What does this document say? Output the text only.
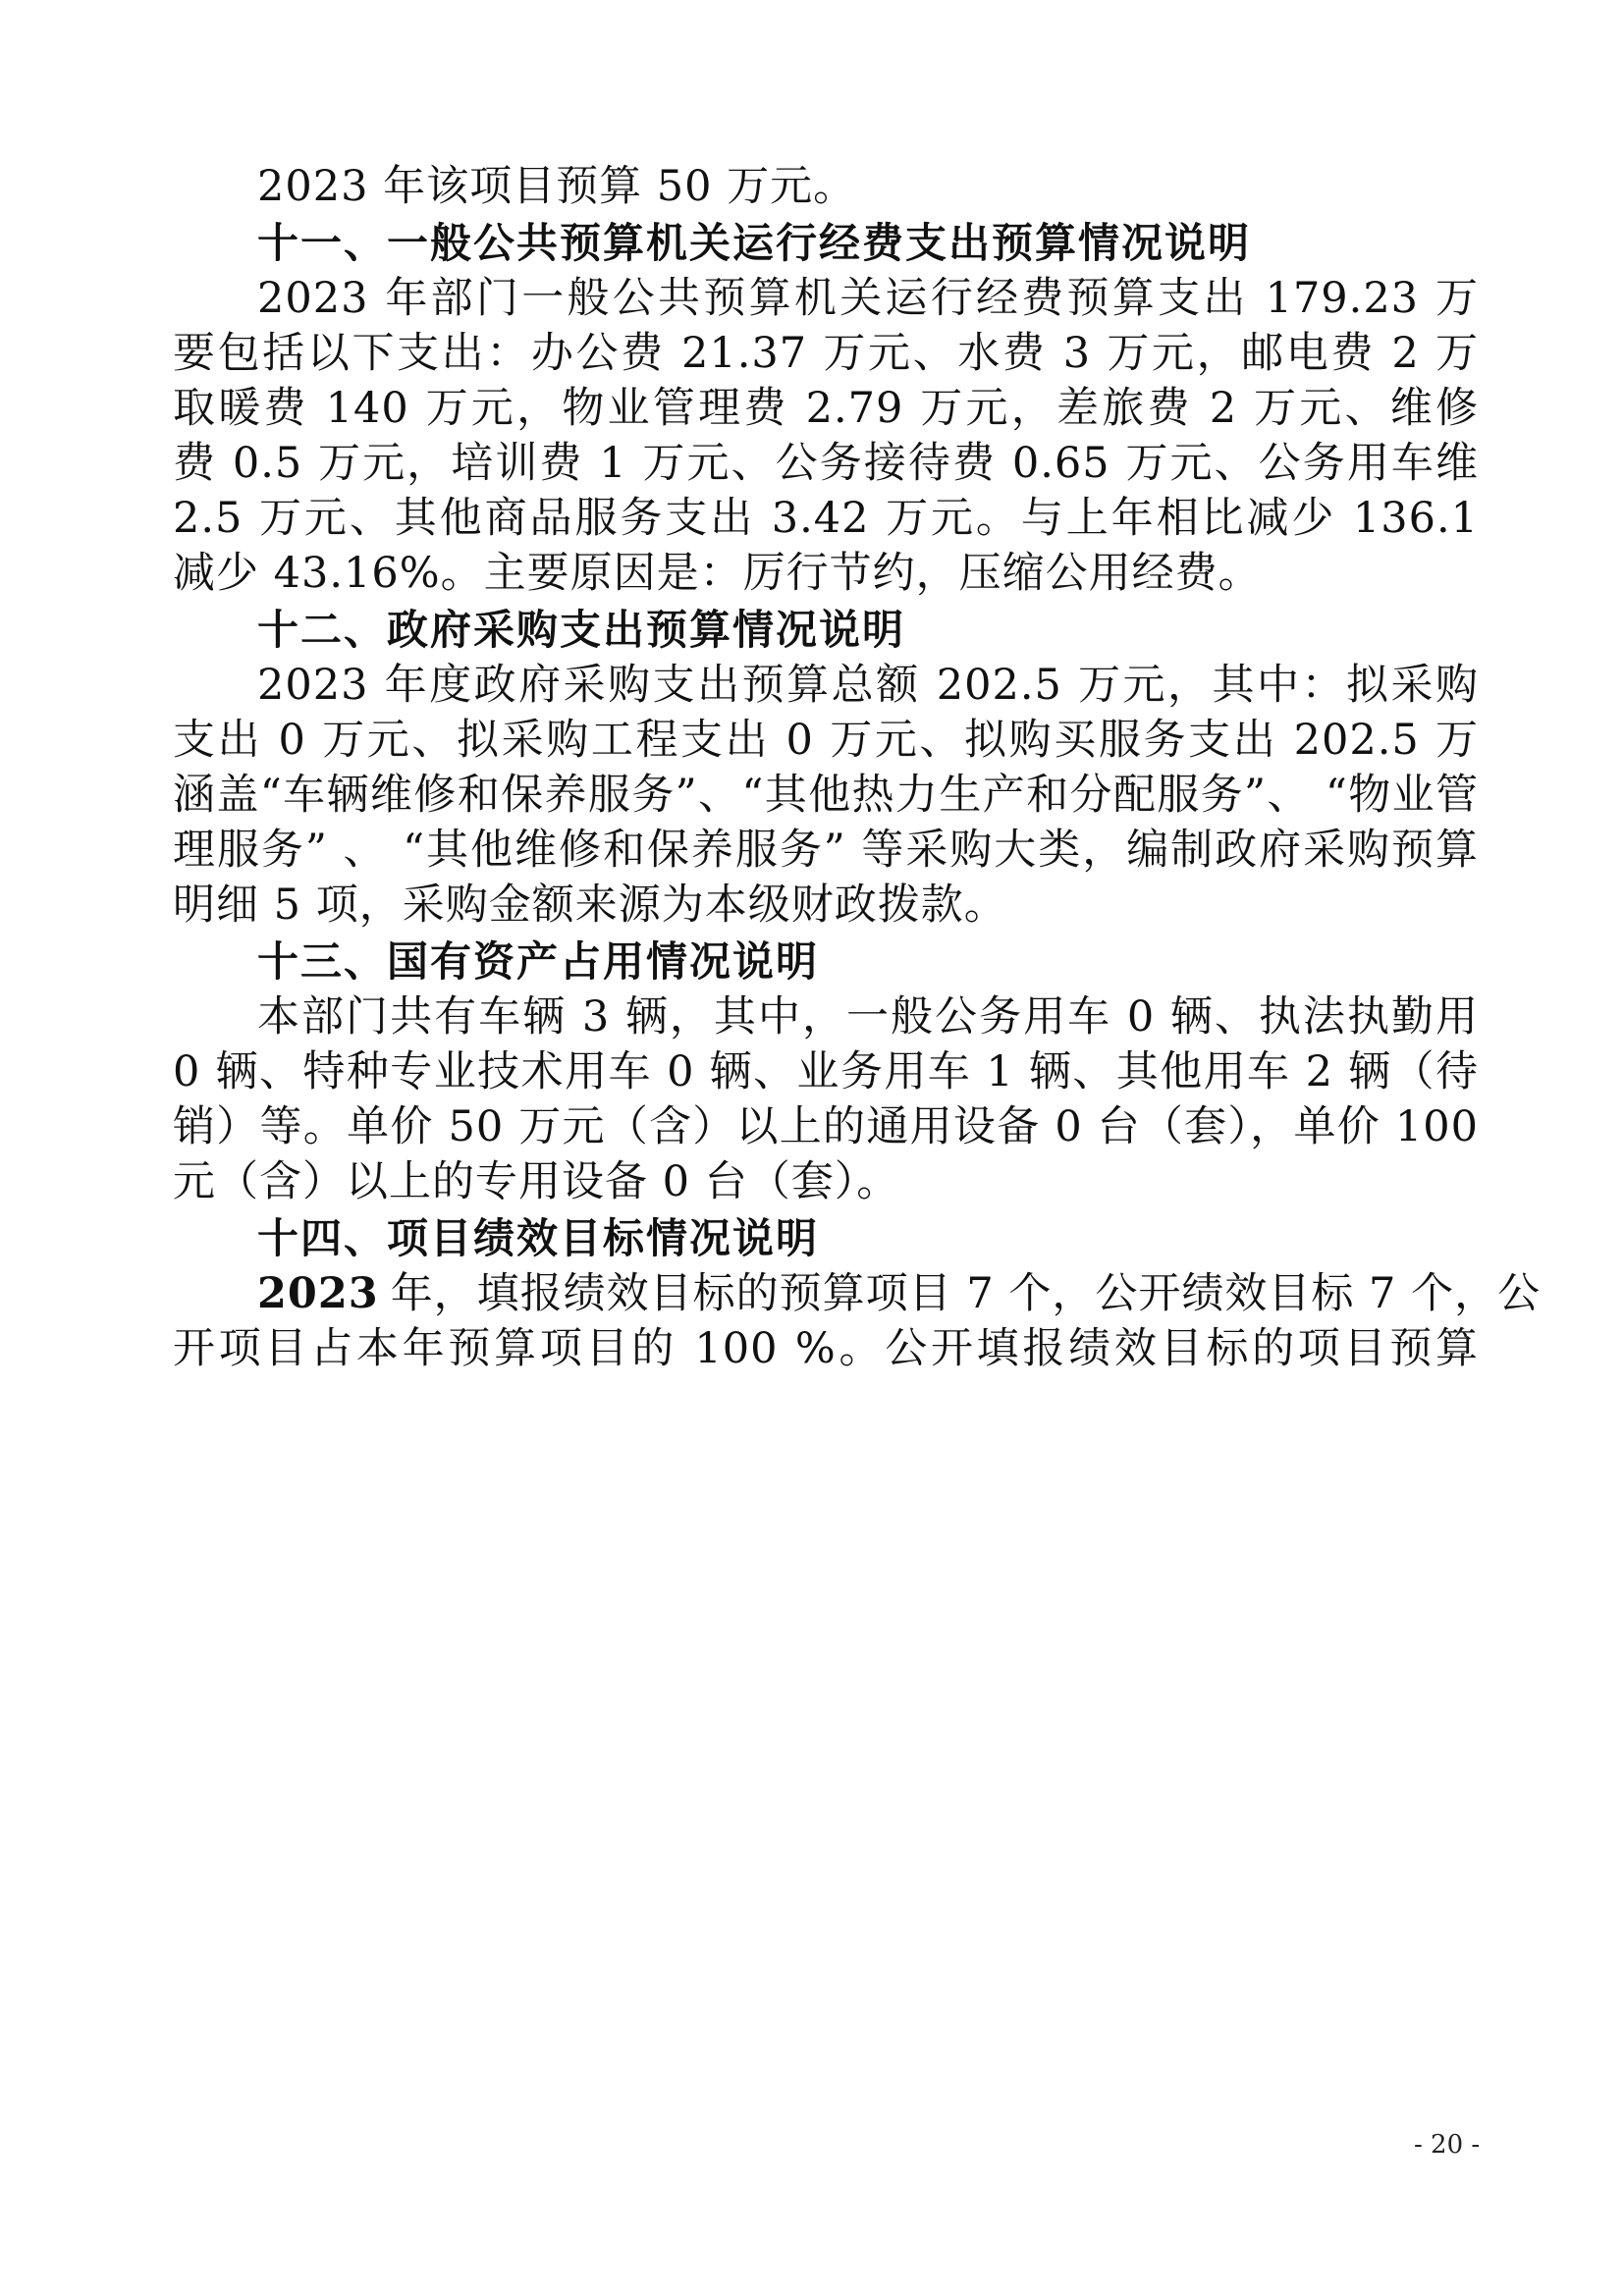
2023 年该项目预算 50 万元。
十一、一般公共预算机关运行经费支出预算情况说明
2023 年部门一般公共预算机关运行经费预算支出 179.23 万
要包括以下支出：办公费 21.37 万元、水费 3 万元，邮电费 2 万
取暖费 140 万元，物业管理费 2.79 万元，差旅费 2 万元、维修
费 0.5 万元，培训费 1 万元、公务接待费 0.65 万元、公务用车维
2.5 万元、其他商品服务支出 3.42 万元。与上年相比减少 136.1
减少 43.16%。主要原因是：厉行节约，压缩公用经费。
十二、政府采购支出预算情况说明
2023 年度政府采购支出预算总额 202.5 万元，其中：拟采购
支出 0 万元、拟采购工程支出 0 万元、拟购买服务支出 202.5 万
涵盖“车辆维修和保养服务”、“其他热力生产和分配服务”、 “物业管
理服务” 、 “其他维修和保养服务” 等采购大类，编制政府采购预算
明细 5 项，采购金额来源为本级财政拨款。
十三、国有资产占用情况说明
本部门共有车辆 3 辆，其中，一般公务用车 0 辆、执法执勤用
0 辆、特种专业技术用车 0 辆、业务用车 1 辆、其他用车 2 辆（待
销）等。单价 50 万元（含）以上的通用设备 0 台（套），单价 100
元（含）以上的专用设备 0 台（套）。
十四、项目绩效目标情况说明
2023 年，填报绩效目标的预算项目 7 个，公开绩效目标 7 个，公
开项目占本年预算项目的 100 %。公开填报绩效目标的项目预算
- 20 -
